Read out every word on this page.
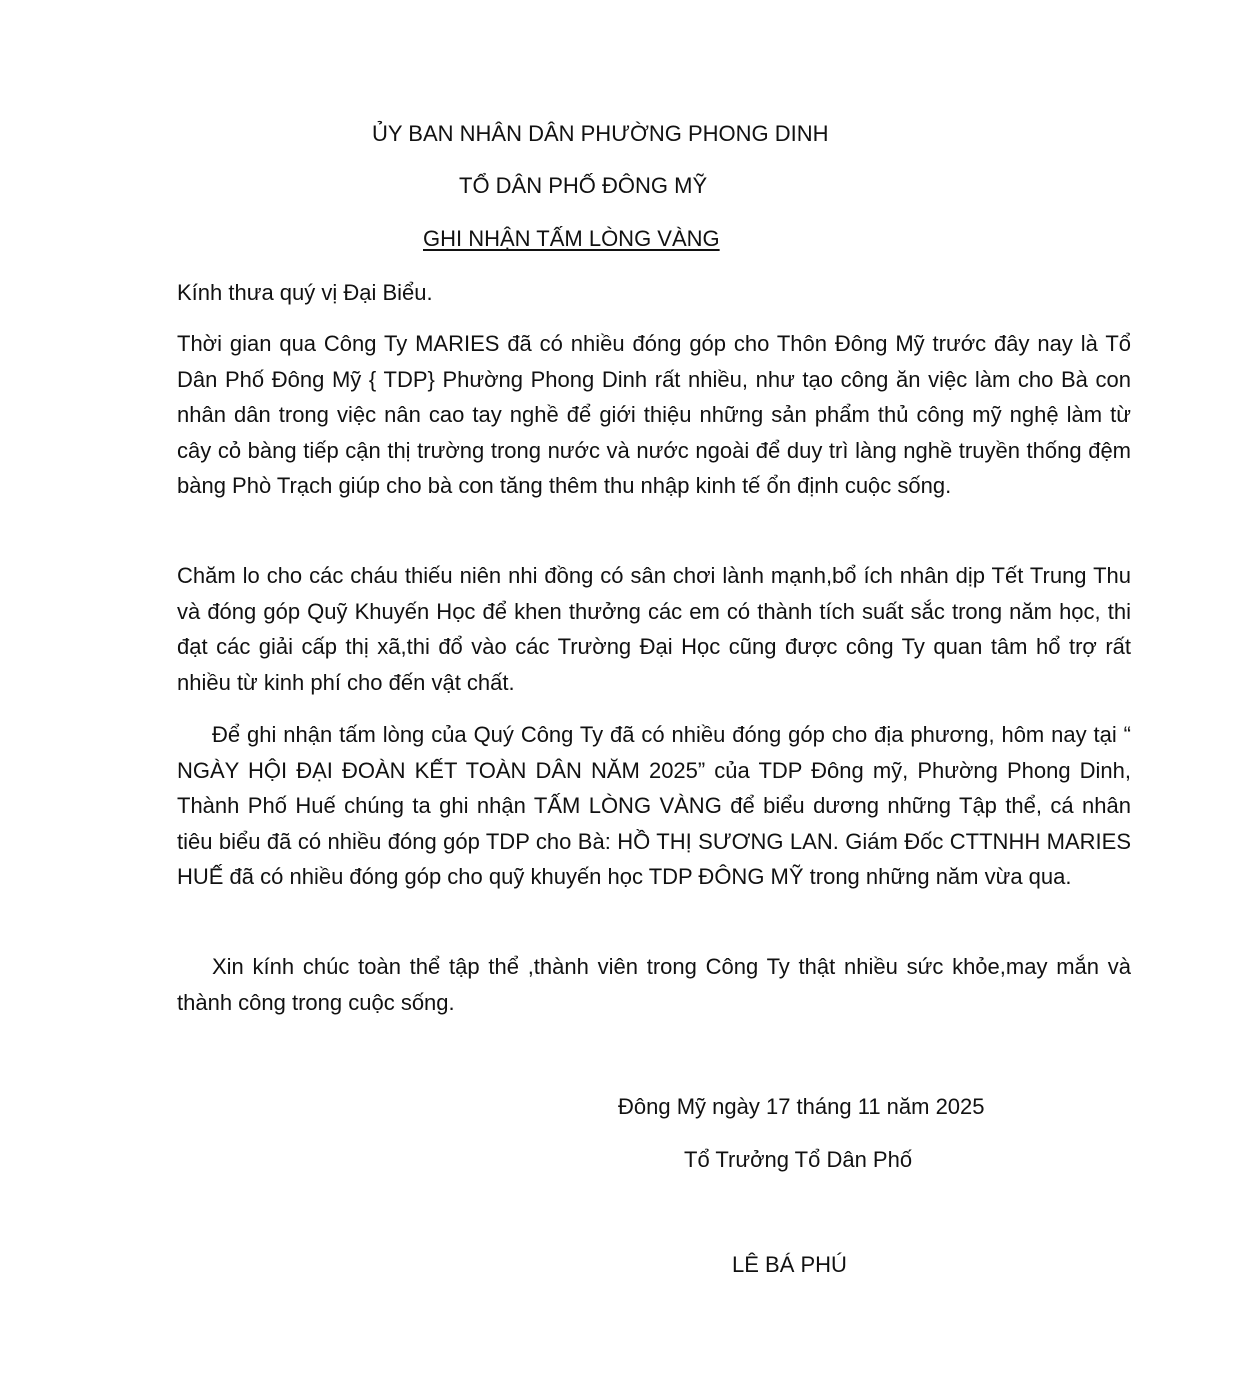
ỦY BAN NHÂN DÂN PHƯỜNG PHONG DINH
TỔ DÂN PHỐ ĐÔNG MỸ
GHI NHẬN TẤM LÒNG VÀNG
Kính thưa quý vị Đại Biểu.

Thời gian qua Công Ty MARIES đã có nhiều đóng góp cho Thôn Đông Mỹ trước đây nay là Tổ Dân Phố Đông Mỹ { TDP} Phường Phong Dinh rất nhiều, như tạo công ăn việc làm cho Bà con nhân dân trong việc nân cao tay nghề để giới thiệu những sản phẩm thủ công mỹ nghệ làm từ cây cỏ bàng tiếp cận thị trường trong nước và nước ngoài để duy trì làng nghề truyền thống đệm bàng Phò Trạch giúp cho bà con tăng thêm thu nhập kinh tế ổn định cuộc sống.

Chăm lo cho các cháu thiếu niên nhi đồng có sân chơi lành mạnh,bổ ích nhân dịp Tết Trung Thu và đóng góp Quỹ Khuyến Học để khen thưởng các em có thành tích suất sắc trong năm học, thi đạt các giải cấp thị xã,thi đổ vào các Trường Đại Học cũng được công Ty quan tâm hổ trợ rất nhiều từ kinh phí cho đến vật chất.

Để ghi nhận tấm lòng của Quý Công Ty đã có nhiều đóng góp cho địa phương, hôm nay tại “ NGÀY HỘI ĐẠI ĐOÀN KẾT TOÀN DÂN NĂM 2025” của TDP Đông mỹ, Phường Phong Dinh, Thành Phố Huế chúng ta ghi nhận TẤM LÒNG VÀNG để biểu dương những Tập thể, cá nhân tiêu biểu đã có nhiều đóng góp TDP cho Bà: HỒ THỊ SƯƠNG LAN. Giám Đốc CTTNHH MARIES HUẾ đã có nhiều đóng góp cho quỹ khuyến học TDP ĐÔNG MỸ trong những năm vừa qua.

Xin kính chúc toàn thể tập thể ,thành viên trong Công Ty thật nhiều sức khỏe,may mắn và thành công trong cuộc sống.

Đông Mỹ ngày 17 tháng 11 năm 2025
Tổ Trưởng Tổ Dân Phố
LÊ BÁ PHÚ
